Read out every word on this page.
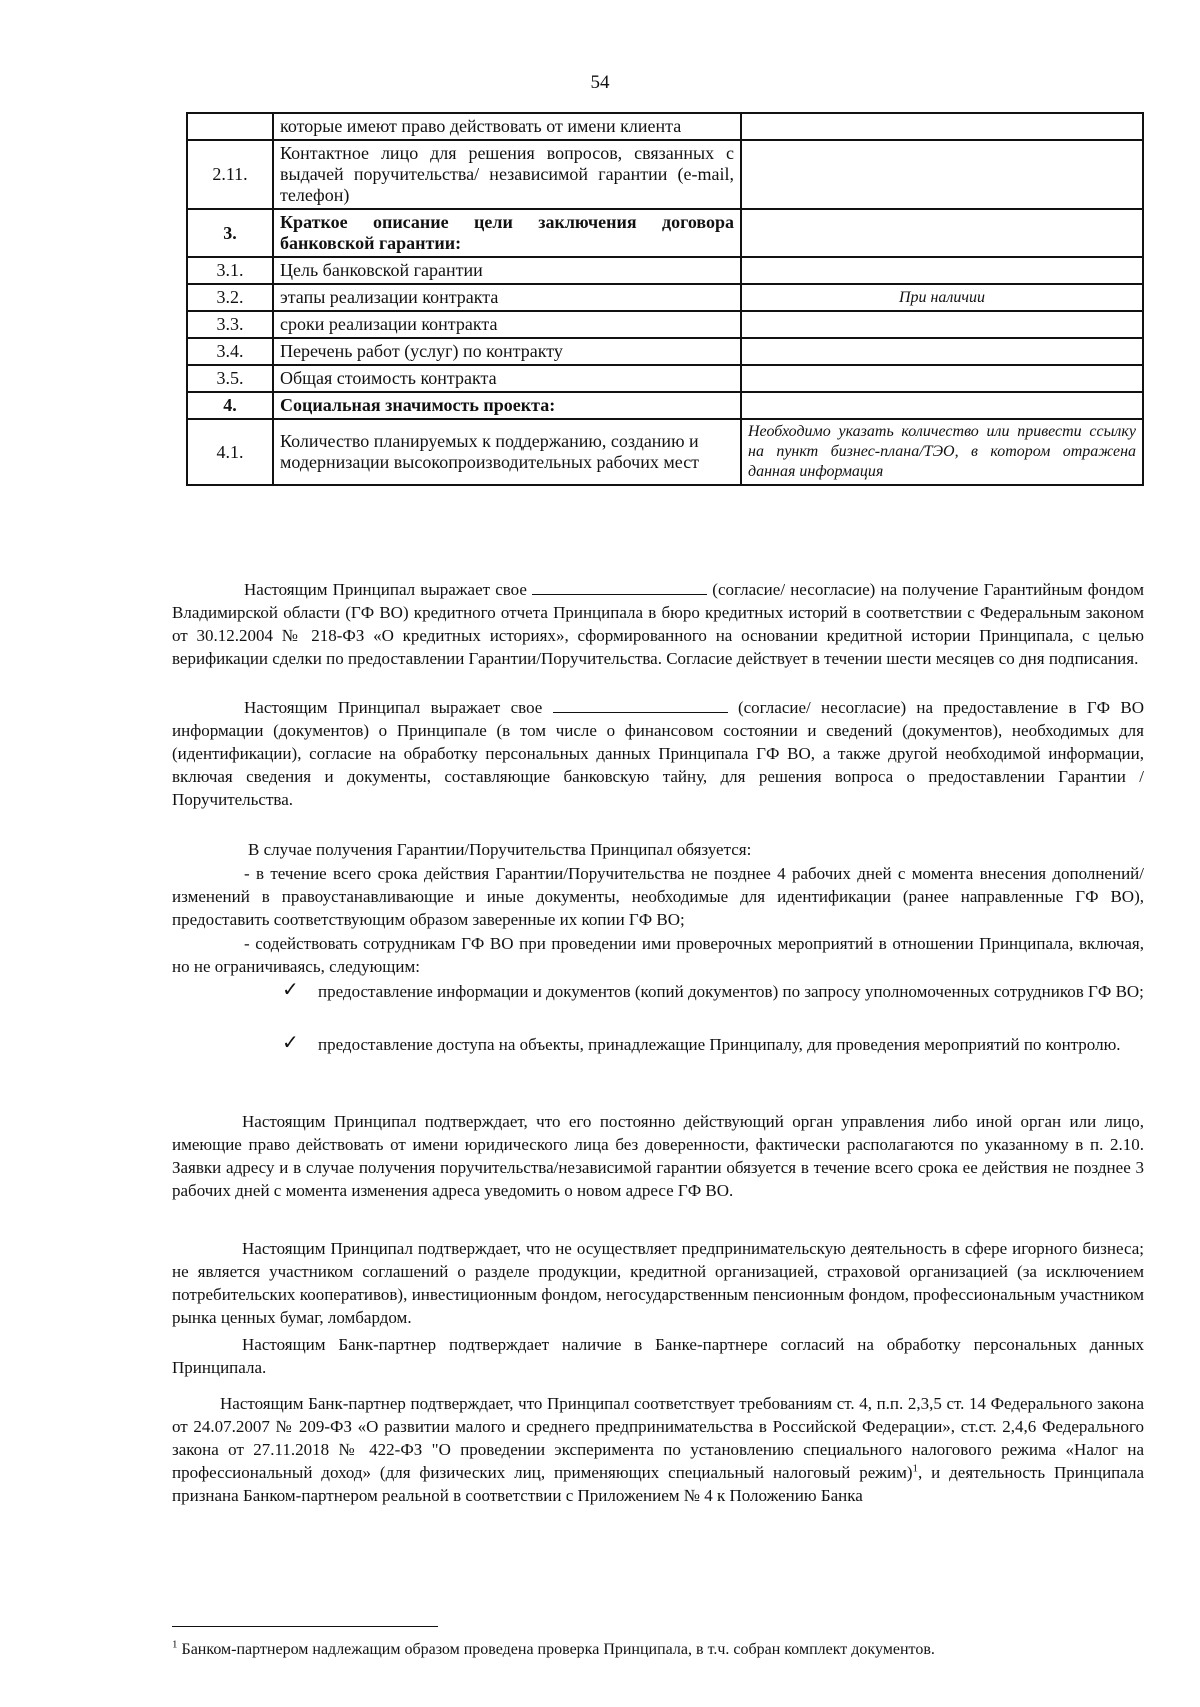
54
	которые имеют право действовать от имени клиента	
2.11.	Контактное лицо для решения вопросов, связанных с выдачей поручительства/ независимой гарантии (e-mail, телефон)	
3.	Краткое описание цели заключения договора банковской гарантии:	
3.1.	Цель банковской гарантии	
3.2.	этапы реализации контракта	При наличии
3.3.	сроки реализации контракта	
3.4.	Перечень работ (услуг) по контракту	
3.5.	Общая стоимость контракта	
4.	Социальная значимость проекта:	
4.1.	Количество планируемых к поддержанию, созданию и модернизации высокопроизводительных рабочих мест	Необходимо указать количество или привести ссылку на пункт бизнес-плана/ТЭО, в котором отражена данная информация
Настоящим Принципал выражает свое	(согласие/ несогласие) на получение Гарантийным фондом Владимирской области (ГФ ВО) кредитного отчета Принципала в бюро кредитных историй в соответствии с Федеральным законом от 30.12.2004 № 218-ФЗ «О кредитных историях», сформированного на основании кредитной истории Принципала, с целью верификации сделки по предоставлении Гарантии/Поручительства. Согласие действует в течении шести месяцев со дня подписания.
Настоящим Принципал выражает свое	(согласие/ несогласие) на предоставление в ГФ ВО информации (документов) о Принципале (в том числе о финансовом состоянии и сведений (документов), необходимых для (идентификации), согласие на обработку персональных данных Принципала ГФ ВО, а также другой необходимой информации, включая сведения и документы, составляющие банковскую тайну, для решения вопроса о предоставлении Гарантии /Поручительства.
В случае получения Гарантии/Поручительства Принципал обязуется:
- в течение всего срока действия Гарантии/Поручительства не позднее 4 рабочих дней с момента внесения дополнений/изменений в правоустанавливающие и иные документы, необходимые для идентификации (ранее направленные ГФ ВО), предоставить соответствующим образом заверенные их копии ГФ ВО;
- содействовать сотрудникам ГФ ВО при проведении ими проверочных мероприятий в отношении Принципала, включая, но не ограничиваясь, следующим:
✓ предоставление информации и документов (копий документов) по запросу уполномоченных сотрудников ГФ ВО;
✓ предоставление доступа на объекты, принадлежащие Принципалу, для проведения мероприятий по контролю.
Настоящим Принципал подтверждает, что его постоянно действующий орган управления либо иной орган или лицо, имеющие право действовать от имени юридического лица без доверенности, фактически располагаются по указанному в п. 2.10. Заявки адресу и в случае получения поручительства/независимой гарантии обязуется в течение всего срока ее действия не позднее 3 рабочих дней с момента изменения адреса уведомить о новом адресе ГФ ВО.
Настоящим Принципал подтверждает, что не осуществляет предпринимательскую деятельность в сфере игорного бизнеса; не является участником соглашений о разделе продукции, кредитной организацией, страховой организацией (за исключением потребительских кооперативов), инвестиционным фондом, негосударственным пенсионным фондом, профессиональным участником рынка ценных бумаг, ломбардом.
Настоящим Банк-партнер подтверждает наличие в Банке-партнере согласий на обработку персональных данных Принципала.
Настоящим Банк-партнер подтверждает, что Принципал соответствует требованиям ст. 4, п.п. 2,3,5 ст. 14 Федерального закона от 24.07.2007 № 209-ФЗ «О развитии малого и среднего предпринимательства в Российской Федерации», ст.ст. 2,4,6 Федерального закона от 27.11.2018 № 422-ФЗ "О проведении эксперимента по установлению специального налогового режима «Налог на профессиональный доход» (для физических лиц, применяющих специальный налоговый режим)$^1$, и деятельность Принципала признана Банком-партнером реальной в соответствии с Приложением № 4 к Положению Банка
$^1$ Банком-партнером надлежащим образом проведена проверка Принципала, в т.ч. собран комплект документов.
